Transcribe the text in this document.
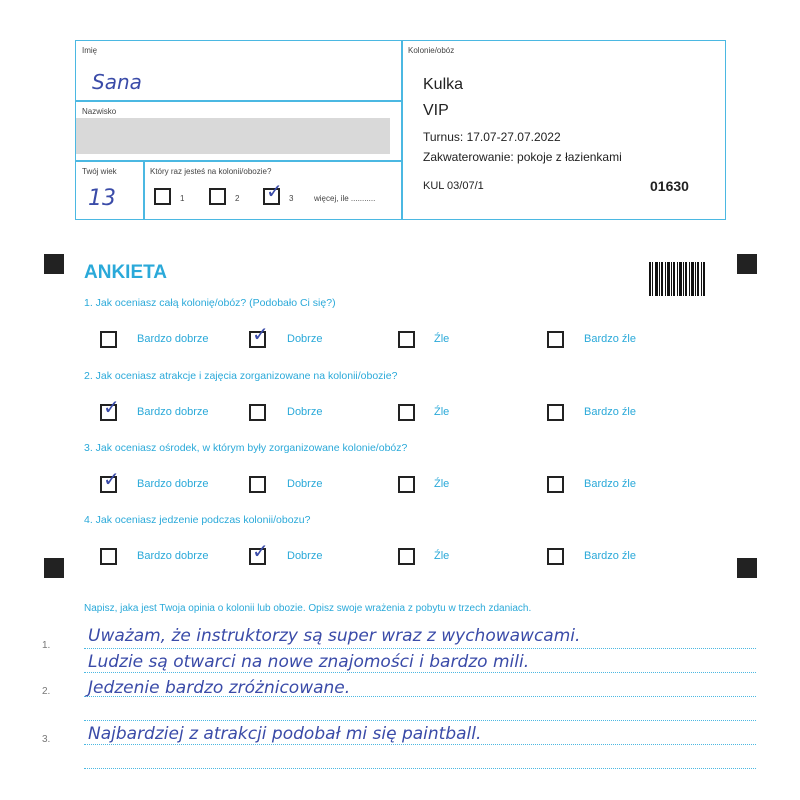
Imię
Sana
Nazwisko
Twój wiek
13
Który raz jesteś na kolonii/obozie?
1	2 ✓ 3	więcej, ile ...........
Kolonie/obóz
Kulka
VIP
Turnus: 17.07-27.07.2022
Zakwaterowanie: pokoje z łazienkami
KUL 03/07/1	01630
ANKIETA
1. Jak oceniasz całą kolonię/obóz? (Podobało Ci się?)
Bardzo dobrze ✓ Dobrze	Źle	Bardzo źle
2. Jak oceniasz atrakcje i zajęcia zorganizowane na kolonii/obozie?
✓ Bardzo dobrze	Dobrze	Źle	Bardzo źle
3. Jak oceniasz ośrodek, w którym były zorganizowane kolonie/obóz?
✓ Bardzo dobrze	Dobrze	Źle	Bardzo źle
4. Jak oceniasz jedzenie podczas kolonii/obozu?
Bardzo dobrze ✓ Dobrze	Źle	Bardzo źle
Napisz, jaka jest Twoja opinia o kolonii lub obozie. Opisz swoje wrażenia z pobytu w trzech zdaniach.
1.
2.
3.
Uważam, że instruktorzy są super wraz z wychowawcami.
Ludzie są otwarci na nowe znajomości i bardzo mili.
Jedzenie bardzo zróżnicowane.
Najbardziej z atrakcji podobał mi się paintball.
